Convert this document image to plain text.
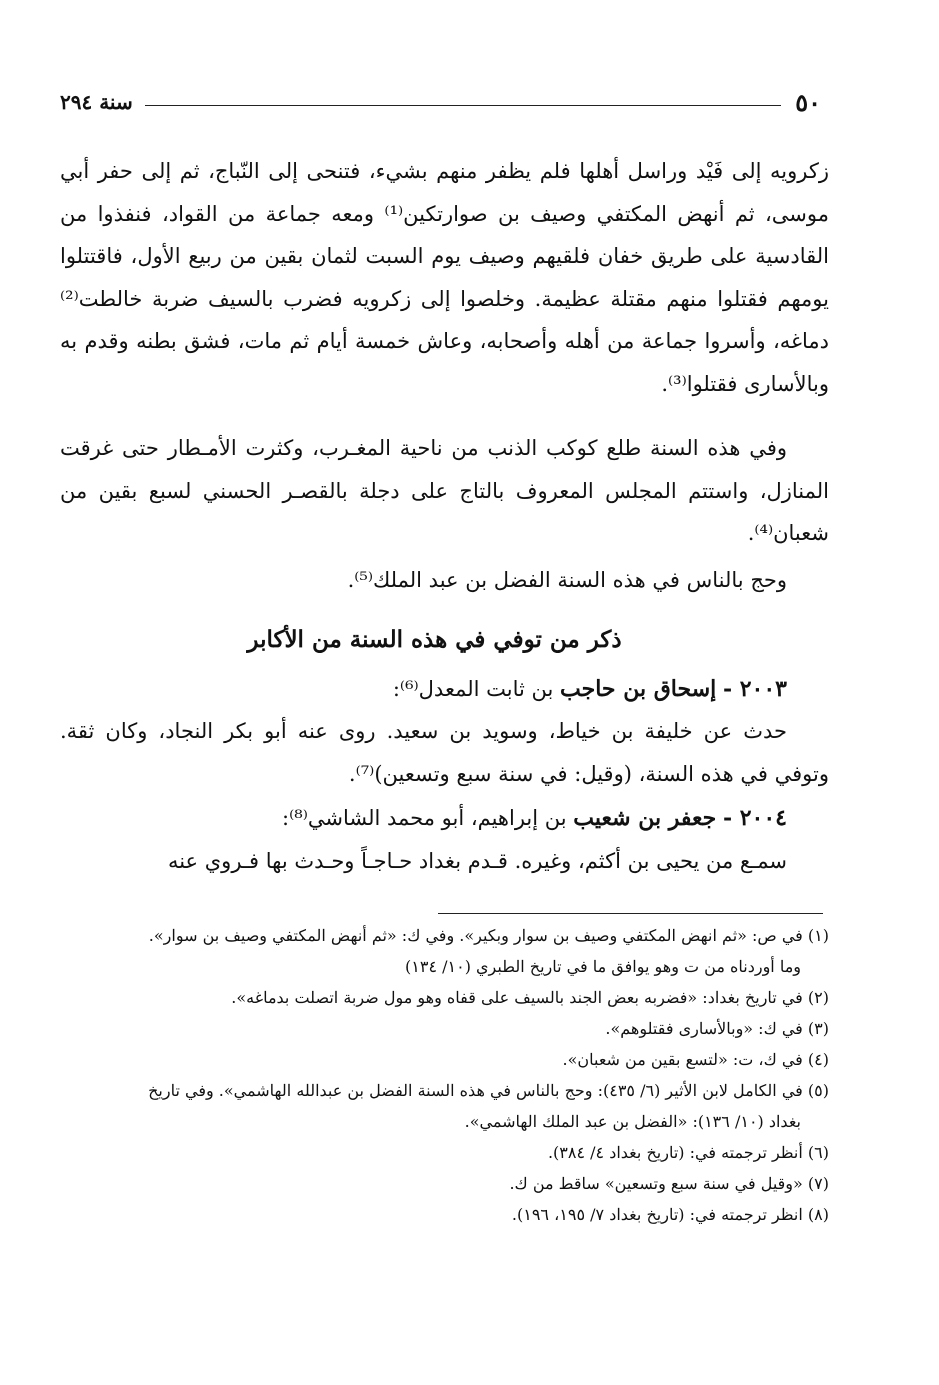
٥٠
سنة ٢٩٤

زكرويه إلى فَيْد وراسل أهلها فلم يظفر منهم بشيء، فتنحى إلى النّباج، ثم إلى حفر أبي موسى، ثم أنهض المكتفي وصيف بن صوارتكين⁽¹⁾ ومعه جماعة من القواد، فنفذوا من القادسية على طريق خفان فلقيهم وصيف يوم السبت لثمان بقين من ربيع الأول، فاقتتلوا يومهم فقتلوا منهم مقتلة عظيمة. وخلصوا إلى زكرويه فضرب بالسيف ضربة خالطت⁽²⁾ دماغه، وأسروا جماعة من أهله وأصحابه، وعاش خمسة أيام ثم مات، فشق بطنه وقدم به وبالأسارى فقتلوا⁽³⁾.

وفي هذه السنة طلع كوكب الذنب من ناحية المغـرب، وكثرت الأمـطار حتى غرقت المنازل، واستتم المجلس المعروف بالتاج على دجلة بالقصـر الحسني لسبع بقين من شعبان⁽⁴⁾.

وحج بالناس في هذه السنة الفضل بن عبد الملك⁽⁵⁾.

ذكر من توفي في هذه السنة من الأكابر

٢٠٠٣ - إسحاق بن حاجب بن ثابت المعدل⁽⁶⁾:

حدث عن خليفة بن خياط، وسويد بن سعيد. روى عنه أبو بكر النجاد، وكان ثقة. وتوفي في هذه السنة، (وقيل: في سنة سبع وتسعين)⁽⁷⁾.

٢٠٠٤ - جعفر بن شعيب بن إبراهيم، أبو محمد الشاشي⁽⁸⁾:

سمـع من يحيى بن أكثم، وغيره. قـدم بغداد حـاجـاً وحـدث بها فـروي عنه

(١) في ص: «ثم انهض المكتفي وصيف بن سوار وبكير». وفي ك: «ثم أنهض المكتفي وصيف بن سوار».
وما أوردناه من ت وهو يوافق ما في تاريخ الطبري (١٠/ ١٣٤)

(٢) في تاريخ بغداد: «فضربه بعض الجند بالسيف على قفاه وهو مول ضربة اتصلت بدماغه».

(٣) في ك: «وبالأسارى فقتلوهم».

(٤) في ك، ت: «لتسع بقين من شعبان».

(٥) في الكامل لابن الأثير (٦/ ٤٣٥): وحج بالناس في هذه السنة الفضل بن عبدالله الهاشمي». وفي تاريخ
بغداد (١٠/ ١٣٦): «الفضل بن عبد الملك الهاشمي».

(٦) أنظر ترجمته في: (تاريخ بغداد ٤/ ٣٨٤).

(٧) «وقيل في سنة سبع وتسعين» ساقط من ك.

(٨) انظر ترجمته في: (تاريخ بغداد ٧/ ١٩٥، ١٩٦).
